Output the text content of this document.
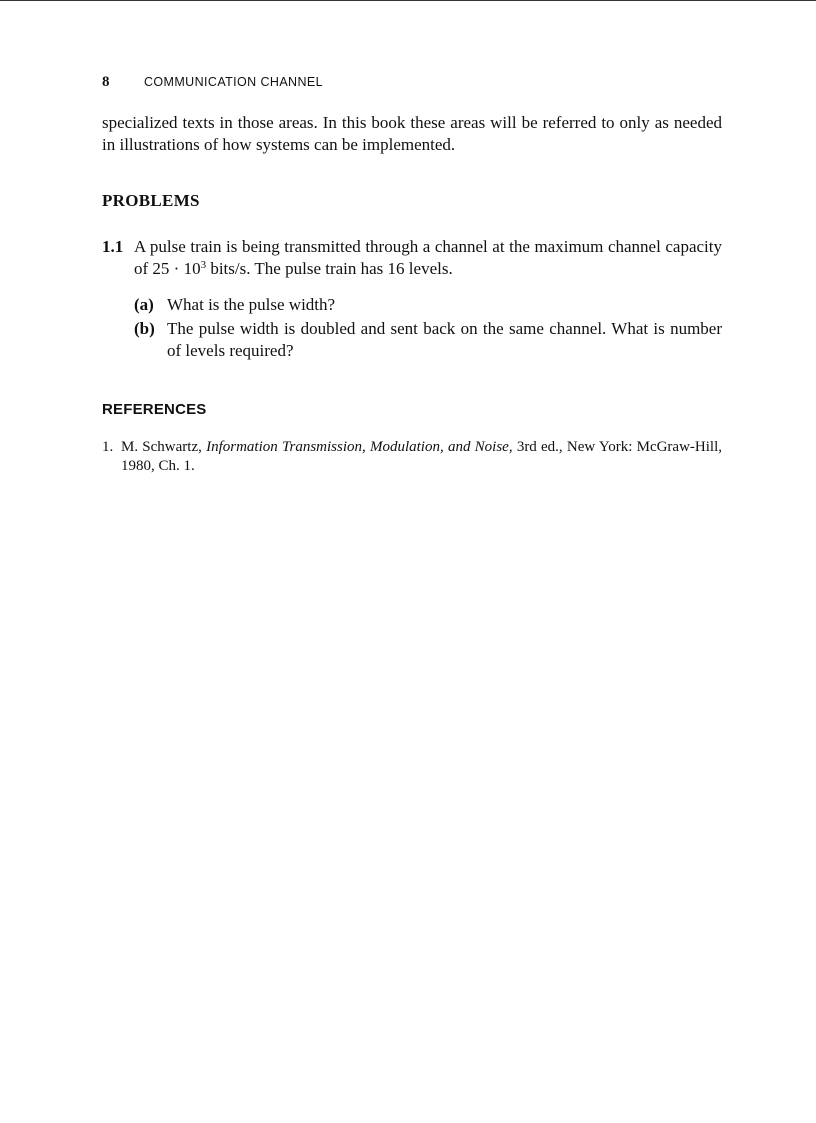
8	COMMUNICATION CHANNEL

specialized texts in those areas. In this book these areas will be referred to only as needed in illustrations of how systems can be implemented.

PROBLEMS
1.1 A pulse train is being transmitted through a channel at the maximum channel capacity of $25 \cdot 10^3$ bits/s. The pulse train has 16 levels.
(a) What is the pulse width?
(b) The pulse width is doubled and sent back on the same channel. What is number of levels required?
REFERENCES
1. M. Schwartz, Information Transmission, Modulation, and Noise, 3rd ed., New York: McGraw-Hill, 1980, Ch. 1.
